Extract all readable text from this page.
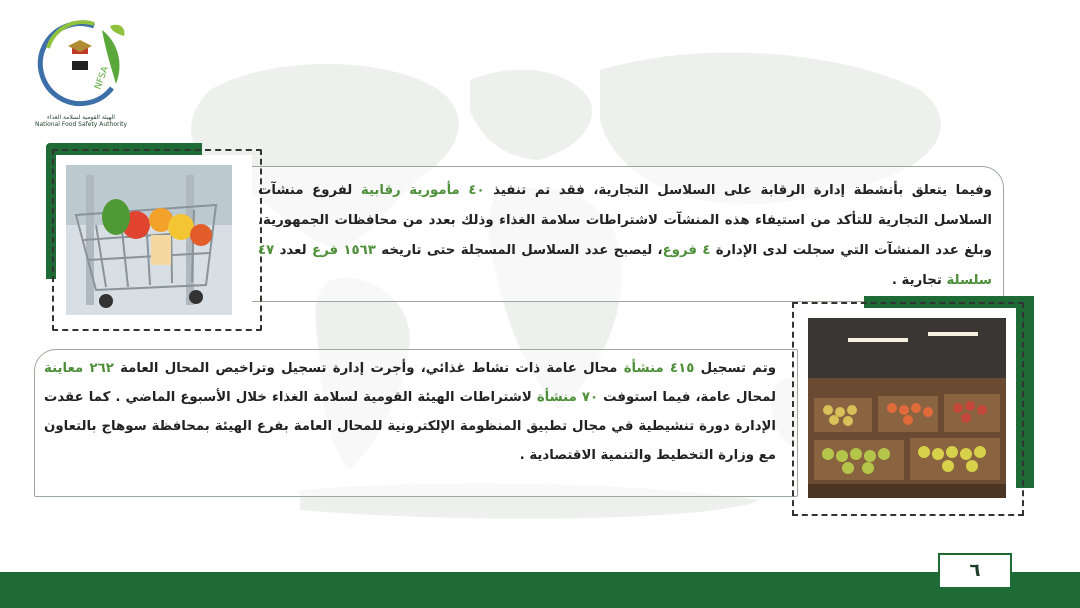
NFSA
الهيئة القومية لسلامة الغذاء
National Food Safety Authority
وفيما يتعلق بأنشطة إدارة الرقابة على السلاسل التجارية، فقد تم تنفيذ ٤٠ مأمورية رقابية لفروع منشآت السلاسل التجارية للتأكد من استيفاء هذه المنشآت لاشتراطات سلامة الغذاء وذلك بعدد من محافظات الجمهورية، وبلغ عدد المنشآت التي سجلت لدى الإدارة ٤ فروع، ليصبح عدد السلاسل المسجلة حتى تاريخه ١٥٦٣ فرع لعدد ٤٧ سلسلة تجارية .
وتم تسجيل ٤١٥ منشأة محال عامة ذات نشاط غذائي، وأجرت إدارة تسجيل وتراخيص المحال العامة ٢٦٢ معاينة لمحال عامة، فيما استوفت ٧٠ منشأة لاشتراطات الهيئة القومية لسلامة الغذاء خلال الأسبوع الماضي . كما عقدت الإدارة دورة تنشيطية في مجال تطبيق المنظومة الإلكترونية للمحال العامة بفرع الهيئة بمحافظة سوهاج بالتعاون مع وزارة التخطيط والتنمية الاقتصادية .
٦
